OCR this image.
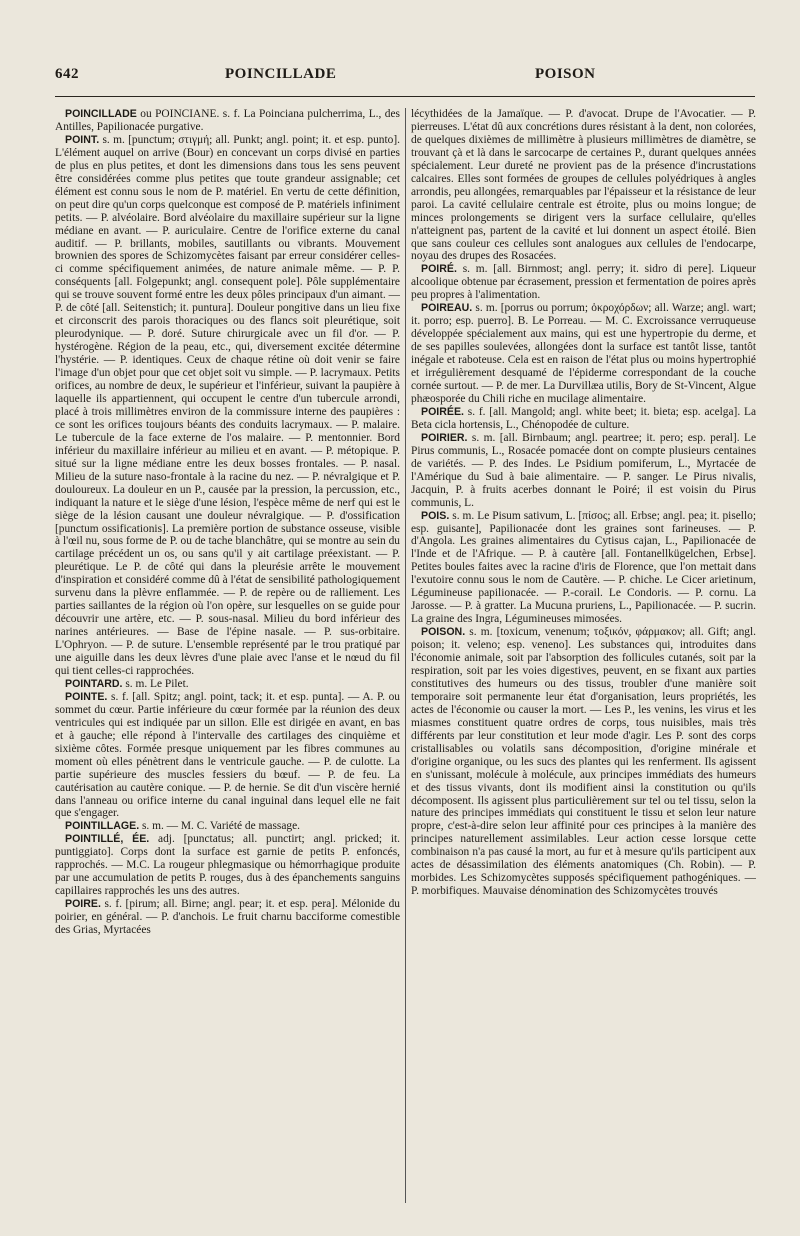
642	POINCILLADE	POISON

POINCILLADE ou POINCIANE. s. f. La Poinciana pulcherrima, L., des Antilles, Papilionacée purgative.

POINT. s. m. [punctum; στιγμή; all. Punkt; angl. point; it. et esp. punto]. L'élément auquel on arrive (Bour) en concevant un corps divisé en parties de plus en plus petites, et dont les dimensions dans tous les sens peuvent être considérées comme plus petites que toute grandeur assignable; cet élément est connu sous le nom de P. matériel. En vertu de cette définition, on peut dire qu'un corps quelconque est composé de P. matériels infiniment petits. — P. alvéolaire. Bord alvéolaire du maxillaire supérieur sur la ligne médiane en avant. — P. auriculaire. Centre de l'orifice externe du canal auditif. — P. brillants, mobiles, sautillants ou vibrants. Mouvement brownien des spores de Schizomycètes faisant par erreur considérer celles-ci comme spécifiquement animées, de nature animale même. — P. P. conséquents [all. Folgepunkt; angl. consequent pole]. Pôle supplémentaire qui se trouve souvent formé entre les deux pôles principaux d'un aimant. — P. de côté [all. Seitenstich; it. puntura]. Douleur pongitive dans un lieu fixe et circonscrit des parois thoraciques ou des flancs soit pleurétique, soit pleurodynique. — P. doré. Suture chirurgicale avec un fil d'or. — P. hystérogène. Région de la peau, etc., qui, diversement excitée détermine l'hystérie. — P. identiques. Ceux de chaque rétine où doit venir se faire l'image d'un objet pour que cet objet soit vu simple. — P. lacrymaux. Petits orifices, au nombre de deux, le supérieur et l'inférieur, suivant la paupière à laquelle ils appartiennent, qui occupent le centre d'un tubercule arrondi, placé à trois millimètres environ de la commissure interne des paupières : ce sont les orifices toujours béants des conduits lacrymaux. — P. malaire. Le tubercule de la face externe de l'os malaire. — P. mentonnier. Bord inférieur du maxillaire inférieur au milieu et en avant. — P. métopique. P. situé sur la ligne médiane entre les deux bosses frontales. — P. nasal. Milieu de la suture naso-frontale à la racine du nez. — P. névralgique et P. douloureux. La douleur en un P., causée par la pression, la percussion, etc., indiquant la nature et le siège d'une lésion, l'espèce même de nerf qui est le siège de la lésion causant une douleur névralgique. — P. d'ossification [punctum ossificationis]. La première portion de substance osseuse, visible à l'œil nu, sous forme de P. ou de tache blanchâtre, qui se montre au sein du cartilage précédent un os, ou sans qu'il y ait cartilage préexistant. — P. pleurétique. Le P. de côté qui dans la pleurésie arrête le mouvement d'inspiration et considéré comme dû à l'état de sensibilité pathologiquement survenu dans la plèvre enflammée. — P. de repère ou de ralliement. Les parties saillantes de la région où l'on opère, sur lesquelles on se guide pour découvrir une artère, etc. — P. sous-nasal. Milieu du bord inférieur des narines antérieures. — Base de l'épine nasale. — P. sus-orbitaire. L'Ophryon. — P. de suture. L'ensemble représenté par le trou pratiqué par une aiguille dans les deux lèvres d'une plaie avec l'anse et le nœud du fil qui tient celles-ci rapprochées.

POINTARD. s. m. Le Pilet.

POINTE. s. f. [all. Spitz; angl. point, tack; it. et esp. punta]. — A. P. ou sommet du cœur. Partie inférieure du cœur formée par la réunion des deux ventricules qui est indiquée par un sillon. Elle est dirigée en avant, en bas et à gauche; elle répond à l'intervalle des cartilages des cinquième et sixième côtes. Formée presque uniquement par les fibres communes au moment où elles pénètrent dans le ventricule gauche. — P. de culotte. La partie supérieure des muscles fessiers du bœuf. — P. de feu. La cautérisation au cautère conique. — P. de hernie. Se dit d'un viscère hernié dans l'anneau ou orifice interne du canal inguinal dans lequel elle ne fait que s'engager.

POINTILLAGE. s. m. — M. C. Variété de massage.

POINTILLÉ, ÉE. adj. [punctatus; all. punctirt; angl. pricked; it. puntiggiato]. Corps dont la surface est garnie de petits P. enfoncés, rapprochés. — M.C. La rougeur phlegmasique ou hémorrhagique produite par une accumulation de petits P. rouges, dus à des épanchements sanguins capillaires rapprochés les uns des autres.

POIRE. s. f. [pirum; all. Birne; angl. pear; it. et esp. pera]. Mélonide du poirier, en général. — P. d'anchois. Le fruit charnu bacciforme comestible des Grias, Myrtacées

lécythidées de la Jamaïque. — P. d'avocat. Drupe de l'Avocatier. — P. pierreuses. L'état dû aux concrétions dures résistant à la dent, non colorées, de quelques dixièmes de millimètre à plusieurs millimètres de diamètre, se trouvant çà et là dans le sarcocarpe de certaines P., durant quelques années spécialement. Leur dureté ne provient pas de la présence d'incrustations calcaires. Elles sont formées de groupes de cellules polyédriques à angles arrondis, peu allongées, remarquables par l'épaisseur et la résistance de leur paroi. La cavité cellulaire centrale est étroite, plus ou moins longue; de minces prolongements se dirigent vers la surface cellulaire, qu'elles n'atteignent pas, partent de la cavité et lui donnent un aspect étoilé. Bien que sans couleur ces cellules sont analogues aux cellules de l'endocarpe, noyau des drupes des Rosacées.

POIRÉ. s. m. [all. Birnmost; angl. perry; it. sidro di pere]. Liqueur alcoolique obtenue par écrasement, pression et fermentation de poires après peu propres à l'alimentation.

POIREAU. s. m. [porrus ou porrum; ὀκροχόρδων; all. Warze; angl. wart; it. porro; esp. puerro]. B. Le Porreau. — M. C. Excroissance verruqueuse développée spécialement aux mains, qui est une hypertropie du derme, et de ses papilles soulevées, allongées dont la surface est tantôt lisse, tantôt inégale et raboteuse. Cela est en raison de l'état plus ou moins hypertrophié et irrégulièrement desquamé de l'épiderme correspondant de la couche cornée surtout. — P. de mer. La Durvillæa utilis, Bory de St-Vincent, Algue phæosporée du Chili riche en mucilage alimentaire.

POIRÉE. s. f. [all. Mangold; angl. white beet; it. bieta; esp. acelga]. La Beta cicla hortensis, L., Chénopodée de culture.

POIRIER. s. m. [all. Birnbaum; angl. peartree; it. pero; esp. peral]. Le Pirus communis, L., Rosacée pomacée dont on compte plusieurs centaines de variétés. — P. des Indes. Le Psidium pomiferum, L., Myrtacée de l'Amérique du Sud à baie alimentaire. — P. sanger. Le Pirus nivalis, Jacquin, P. à fruits acerbes donnant le Poiré; il est voisin du Pirus communis, L.

POIS. s. m. Le Pisum sativum, L. [πίσος; all. Erbse; angl. pea; it. pisello; esp. guisante], Papilionacée dont les graines sont farineuses. — P. d'Angola. Les graines alimentaires du Cytisus cajan, L., Papilionacée de l'Inde et de l'Afrique. — P. à cautère [all. Fontanellkügelchen, Erbse]. Petites boules faites avec la racine d'iris de Florence, que l'on mettait dans l'exutoire connu sous le nom de Cautère. — P. chiche. Le Cicer arietinum, Légumineuse papilionacée. — P.-corail. Le Condoris. — P. cornu. La Jarosse. — P. à gratter. La Mucuna pruriens, L., Papilionacée. — P. sucrin. La graine des Ingra, Légumineuses mimosées.

POISON. s. m. [toxicum, venenum; τοξικόν, φάρμακον; all. Gift; angl. poison; it. veleno; esp. veneno]. Les substances qui, introduites dans l'économie animale, soit par l'absorption des follicules cutanés, soit par la respiration, soit par les voies digestives, peuvent, en se fixant aux parties constitutives des humeurs ou des tissus, troubler d'une manière soit temporaire soit permanente leur état d'organisation, leurs propriétés, les actes de l'économie ou causer la mort. — Les P., les venins, les virus et les miasmes constituent quatre ordres de corps, tous nuisibles, mais très différents par leur constitution et leur mode d'agir. Les P. sont des corps cristallisables ou volatils sans décomposition, d'origine minérale et d'origine organique, ou les sucs des plantes qui les renferment. Ils agissent en s'unissant, molécule à molécule, aux principes immédiats des humeurs et des tissus vivants, dont ils modifient ainsi la constitution ou qu'ils décomposent. Ils agissent plus particulièrement sur tel ou tel tissu, selon la nature des principes immédiats qui constituent le tissu et selon leur nature propre, c'est-à-dire selon leur affinité pour ces principes à la manière des principes naturellement assimilables. Leur action cesse lorsque cette combinaison n'a pas causé la mort, au fur et à mesure qu'ils participent aux actes de désassimilation des éléments anatomiques (Ch. Robin). — P. morbides. Les Schizomycètes supposés spécifiquement pathogéniques. — P. morbifiques. Mauvaise dénomination des Schizomycètes trouvés
